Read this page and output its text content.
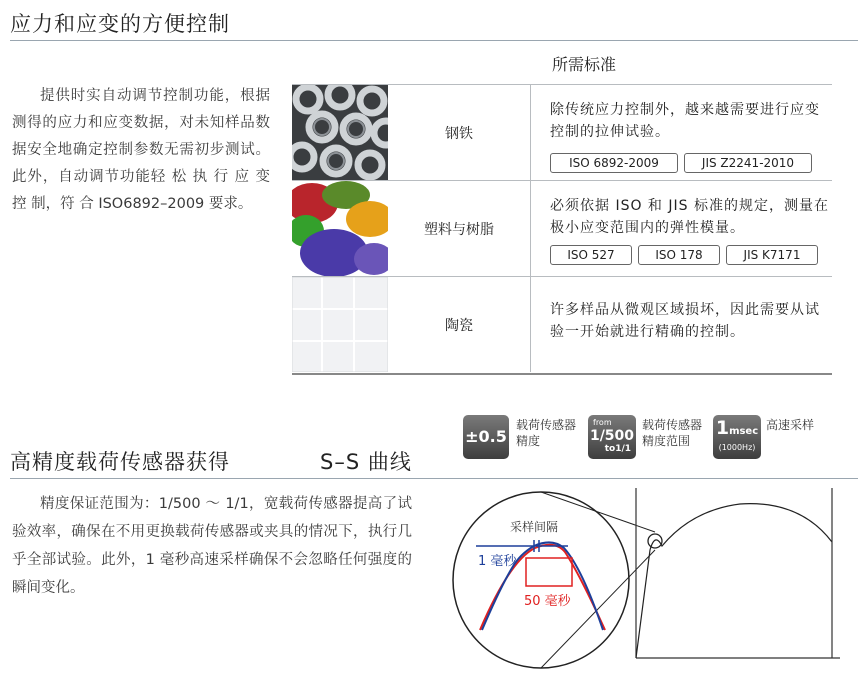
应力和应变的方便控制
提供时实自动调节控制功能，根据测得的应力和应变数据，对未知样品数据安全地确定控制参数无需初步测试。此外，自动调节功能轻 松 执 行 应 变 控 制，符 合 ISO6892–2009 要求。
所需标准
钢铁
除传统应力控制外，越来越需要进行应变控制的拉伸试验。
ISO 6892-2009	JIS Z2241-2010
塑料与树脂
必须依据 ISO 和 JIS 标准的规定，测量在极小应变范围内的弹性模量。
ISO 527	ISO 178	JIS K7171
陶瓷
许多样品从微观区域损坏，因此需要从试验一开始就进行精确的控制。
±0.5
载荷传感器精度
from
1/500
to1/1
载荷传感器精度范围
1msec
(1000Hz)
高速采样
高精度载荷传感器获得	S–S 曲线
精度保证范围为：1/500 ～ 1/1，宽载荷传感器提高了试验效率，确保在不用更换载荷传感器或夹具的情况下，执行几乎全部试验。此外，1 毫秒高速采样确保不会忽略任何强度的瞬间变化。
采样间隔
1 毫秒
50 毫秒
